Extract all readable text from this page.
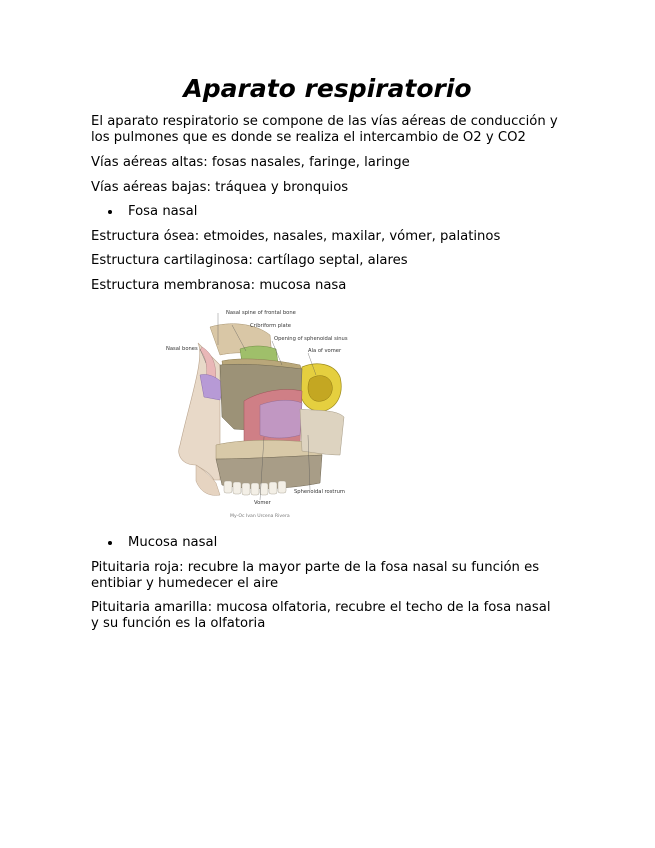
Aparato respiratorio

El aparato respiratorio se compone de las vías aéreas de conducción y los pulmones que es donde se realiza el intercambio de O2 y CO2

Vías aéreas altas: fosas nasales, faringe, laringe

Vías aéreas bajas: tráquea y bronquios

Fosa nasal

Estructura ósea: etmoides, nasales, maxilar, vómer, palatinos

Estructura cartilaginosa: cartílago septal, alares

Estructura membranosa: mucosa nasa

Nasal spine of frontal bone
Cribriform plate
Opening of sphenoidal sinus
Ala of vomer
Nasal bones
Vomer
Sphenoidal rostrum
My-Oc Ivan Urcena Rivera
Mucosa nasal

Pituitaria roja: recubre la mayor parte de la fosa nasal su función es entibiar y humedecer el aire

Pituitaria amarilla: mucosa olfatoria, recubre el techo de la fosa nasal y su función es la olfatoria
